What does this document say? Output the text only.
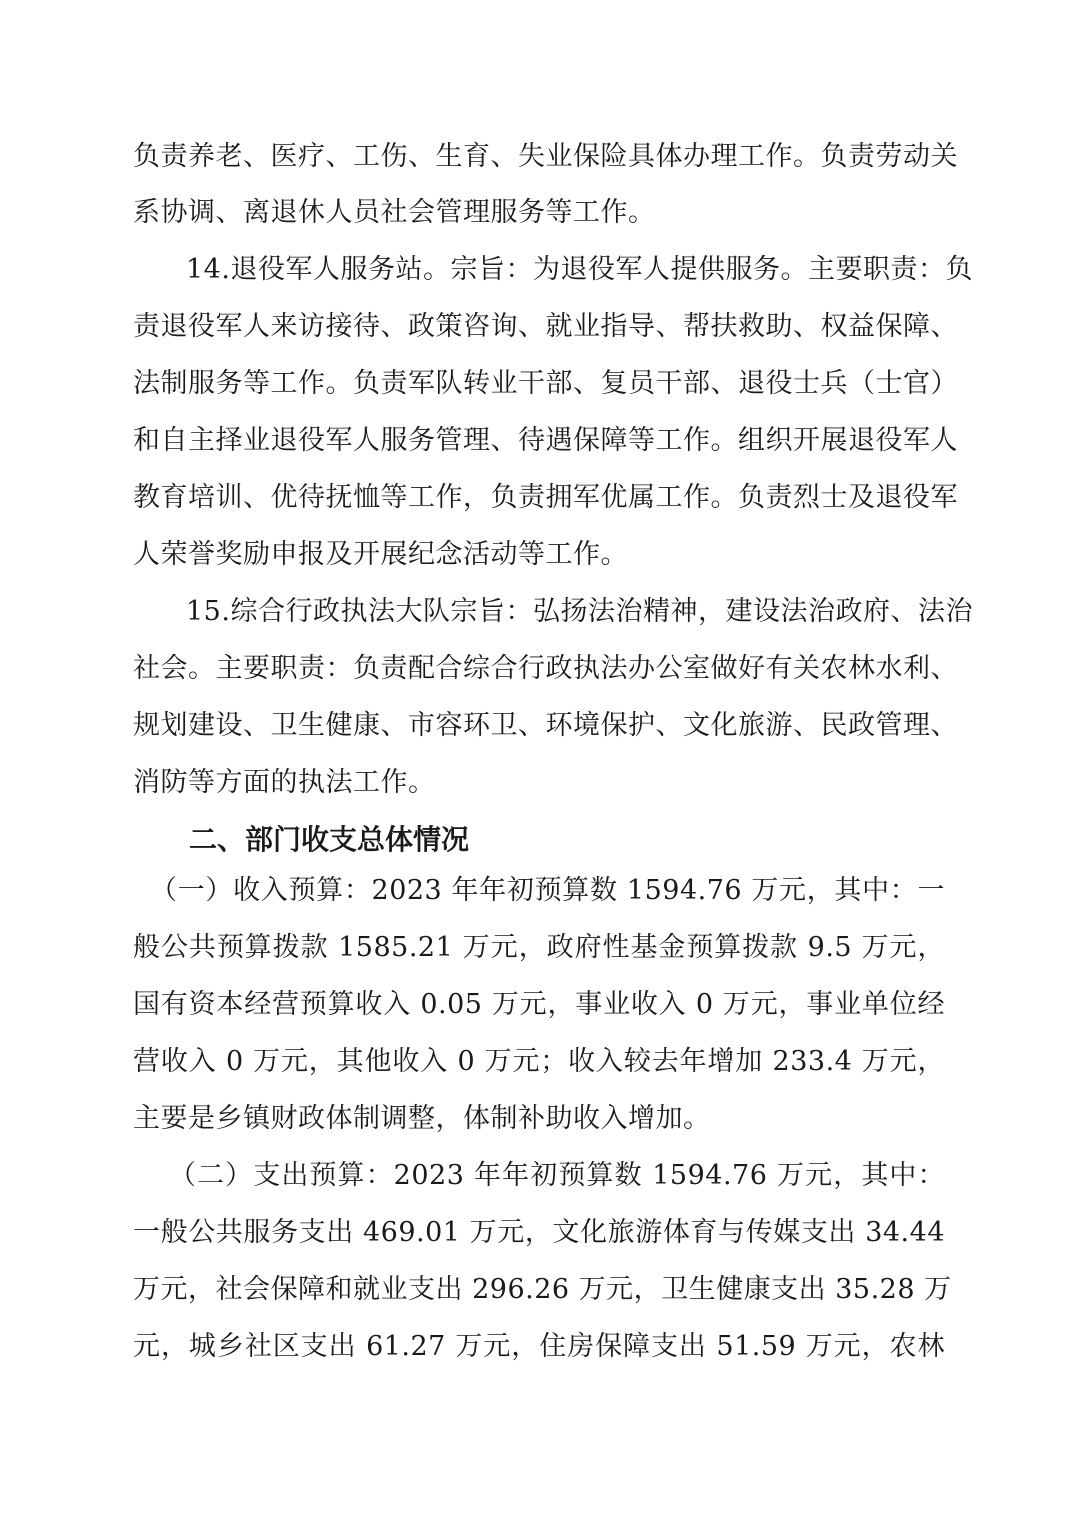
负责养老、医疗、工伤、生育、失业保险具体办理工作。负责劳动关
系协调、离退休人员社会管理服务等工作。
14.退役军人服务站。宗旨：为退役军人提供服务。主要职责：负
责退役军人来访接待、政策咨询、就业指导、帮扶救助、权益保障、
法制服务等工作。负责军队转业干部、复员干部、退役士兵（士官）
和自主择业退役军人服务管理、待遇保障等工作。组织开展退役军人
教育培训、优待抚恤等工作，负责拥军优属工作。负责烈士及退役军
人荣誉奖励申报及开展纪念活动等工作。
15.综合行政执法大队宗旨：弘扬法治精神，建设法治政府、法治
社会。主要职责：负责配合综合行政执法办公室做好有关农林水利、
规划建设、卫生健康、市容环卫、环境保护、文化旅游、民政管理、
消防等方面的执法工作。
二、部门收支总体情况
（一）收入预算：2023 年年初预算数 1594.76 万元，其中：一
般公共预算拨款 1585.21 万元，政府性基金预算拨款 9.5 万元，
国有资本经营预算收入 0.05 万元，事业收入 0 万元，事业单位经
营收入 0 万元，其他收入 0 万元；收入较去年增加 233.4 万元，
主要是乡镇财政体制调整，体制补助收入增加。
（二）支出预算：2023 年年初预算数 1594.76 万元，其中：
一般公共服务支出 469.01 万元，文化旅游体育与传媒支出 34.44
万元，社会保障和就业支出 296.26 万元，卫生健康支出 35.28 万
元，城乡社区支出 61.27 万元，住房保障支出 51.59 万元，农林
